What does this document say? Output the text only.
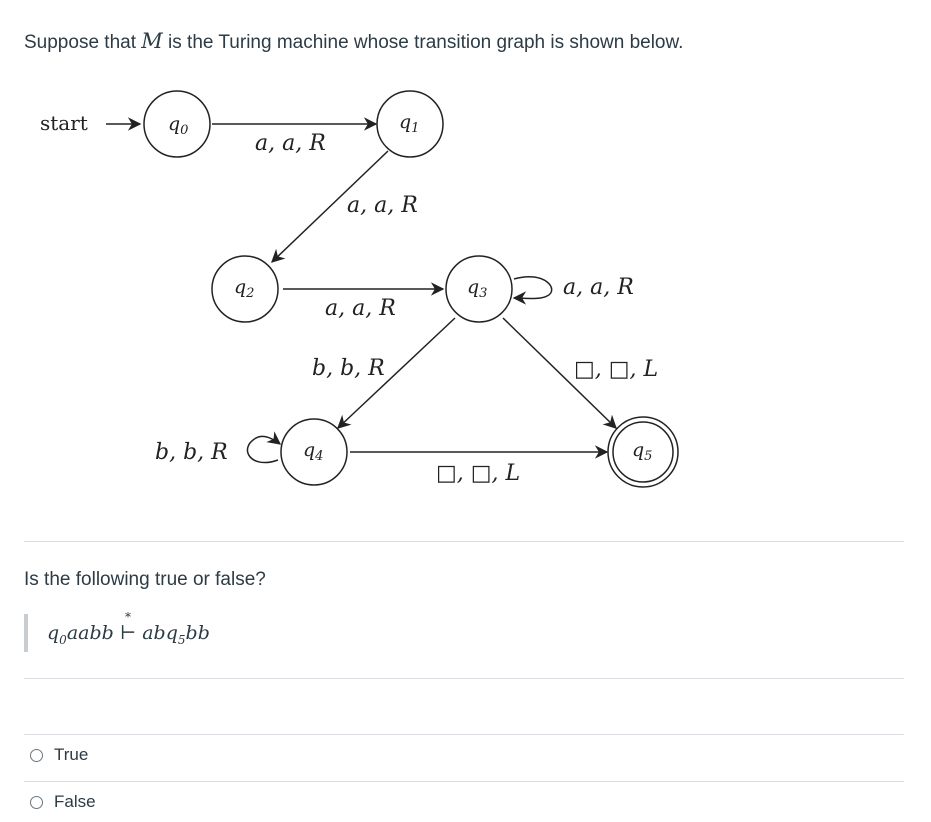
Suppose that M is the Turing machine whose transition graph is shown below.
start	$q_0$	$q_1$
$q_2$	$q_3$
$q_4$	$q_5$
a, a, R
a, a, R
a, a, R
a, a, R
b, b, R	□, □, L
b, b, R
□, □, L
Is the following true or false?
$q_0aabb$ ⊢
*
abq$_5$bb
True
False
